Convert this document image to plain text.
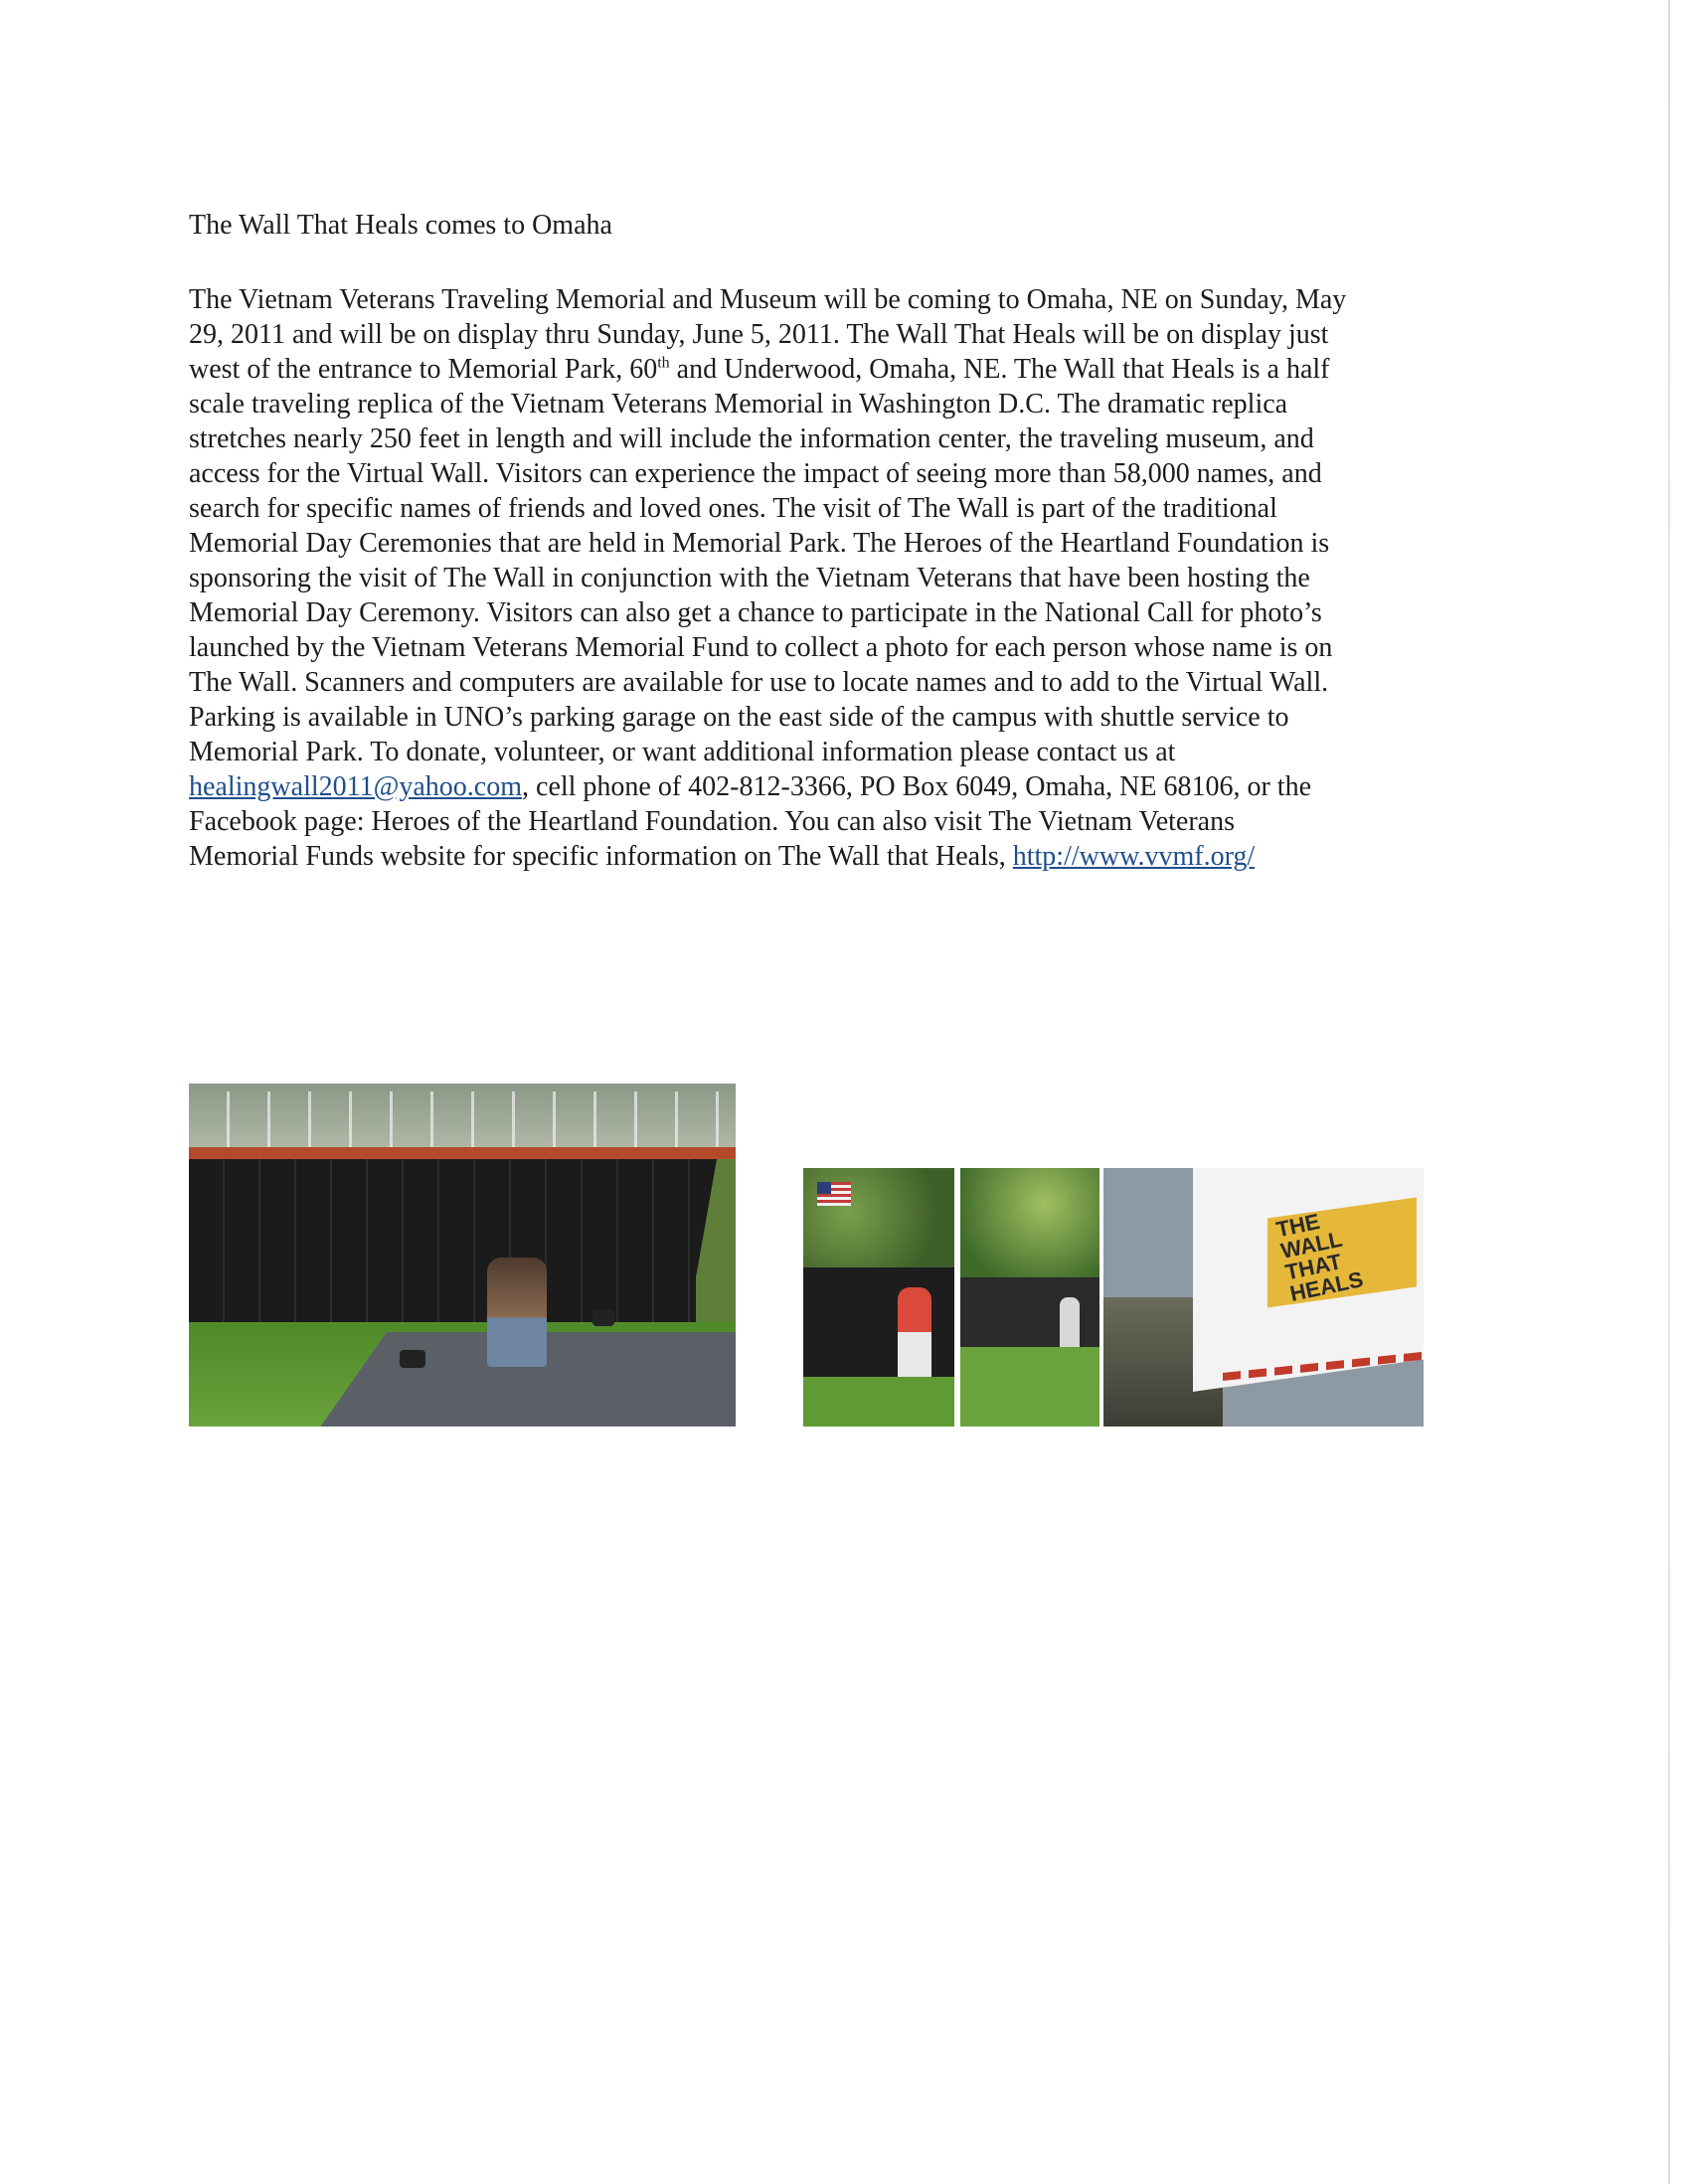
The Wall That Heals comes to Omaha
The Vietnam Veterans Traveling Memorial and Museum will be coming to Omaha, NE on Sunday, May
29, 2011 and will be on display thru Sunday, June 5, 2011. The Wall That Heals will be on display just
west of the entrance to Memorial Park, 60th and Underwood, Omaha, NE. The Wall that Heals is a half
scale traveling replica of the Vietnam Veterans Memorial in Washington D.C. The dramatic replica
stretches nearly 250 feet in length and will include the information center, the traveling museum, and
access for the Virtual Wall. Visitors can experience the impact of seeing more than 58,000 names, and
search for specific names of friends and loved ones. The visit of The Wall is part of the traditional
Memorial Day Ceremonies that are held in Memorial Park. The Heroes of the Heartland Foundation is
sponsoring the visit of The Wall in conjunction with the Vietnam Veterans that have been hosting the
Memorial Day Ceremony. Visitors can also get a chance to participate in the National Call for photo’s
launched by the Vietnam Veterans Memorial Fund to collect a photo for each person whose name is on
The Wall. Scanners and computers are available for use to locate names and to add to the Virtual Wall.
Parking is available in UNO’s parking garage on the east side of the campus with shuttle service to
Memorial Park. To donate, volunteer, or want additional information please contact us at
healingwall2011@yahoo.com, cell phone of 402-812-3366, PO Box 6049, Omaha, NE 68106, or the
Facebook page: Heroes of the Heartland Foundation. You can also visit The Vietnam Veterans
Memorial Funds website for specific information on The Wall that Heals, http://www.vvmf.org/
THE WALL THAT HEALS
